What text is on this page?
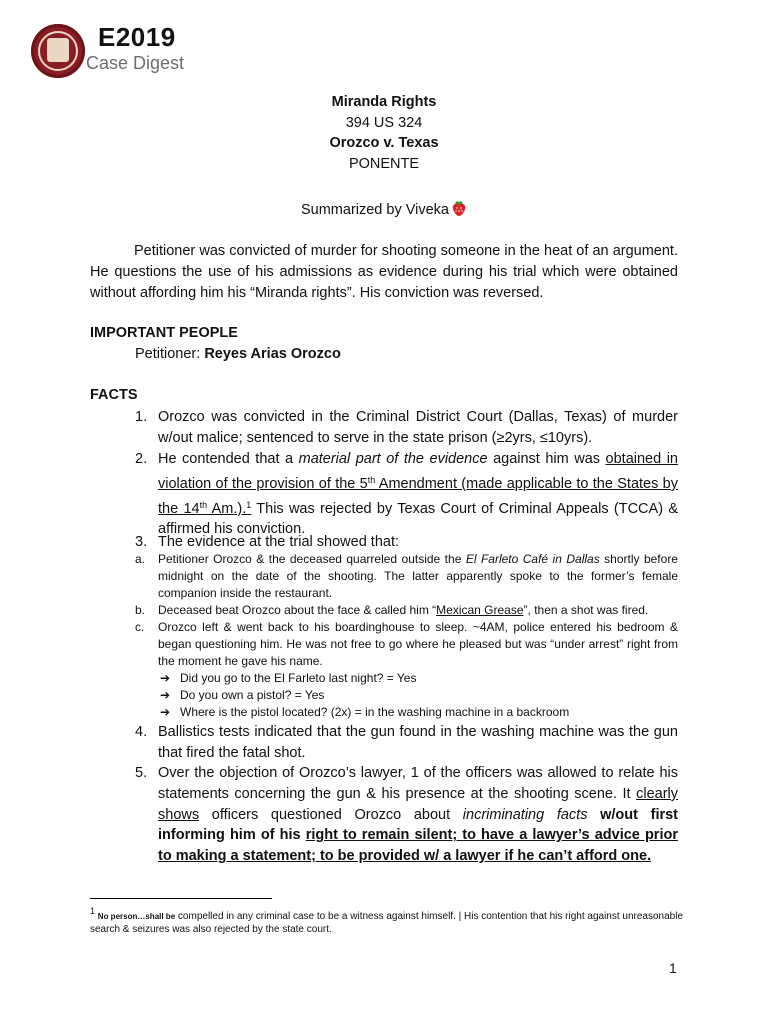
E2019
Case Digest
Miranda Rights
394 US 324
Orozco v. Texas
PONENTE
Summarized by Viveka
Petitioner was convicted of murder for shooting someone in the heat of an argument. He questions the use of his admissions as evidence during his trial which were obtained without affording him his “Miranda rights”. His conviction was reversed.
IMPORTANT PEOPLE
Petitioner: Reyes Arias Orozco
FACTS
1. Orozco was convicted in the Criminal District Court (Dallas, Texas) of murder w/out malice; sentenced to serve in the state prison (≥2yrs, ≤10yrs).
2. He contended that a material part of the evidence against him was obtained in violation of the provision of the 5th Amendment (made applicable to the States by the 14th Am.).$^1$ This was rejected by Texas Court of Criminal Appeals (TCCA) & affirmed his conviction.
3. The evidence at the trial showed that:
a. Petitioner Orozco & the deceased quarreled outside the El Farleto Café in Dallas shortly before midnight on the date of the shooting. The latter apparently spoke to the former’s female companion inside the restaurant.
b. Deceased beat Orozco about the face & called him “Mexican Grease”, then a shot was fired.
c. Orozco left & went back to his boardinghouse to sleep. ~4AM, police entered his bedroom & began questioning him. He was not free to go where he pleased but was “under arrest” right from the moment he gave his name.
➔ Did you go to the El Farleto last night? = Yes
➔ Do you own a pistol? = Yes
➔ Where is the pistol located? (2x) = in the washing machine in a backroom
4. Ballistics tests indicated that the gun found in the washing machine was the gun that fired the fatal shot.
5. Over the objection of Orozco’s lawyer, 1 of the officers was allowed to relate his statements concerning the gun & his presence at the shooting scene. It clearly shows officers questioned Orozco about incriminating facts w/out first informing him of his right to remain silent; to have a lawyer’s advice prior to making a statement; to be provided w/ a lawyer if he can’t afford one.
1 No person…shall be compelled in any criminal case to be a witness against himself. | His contention that his right against unreasonable search & seizures was also rejected by the state court.
1
